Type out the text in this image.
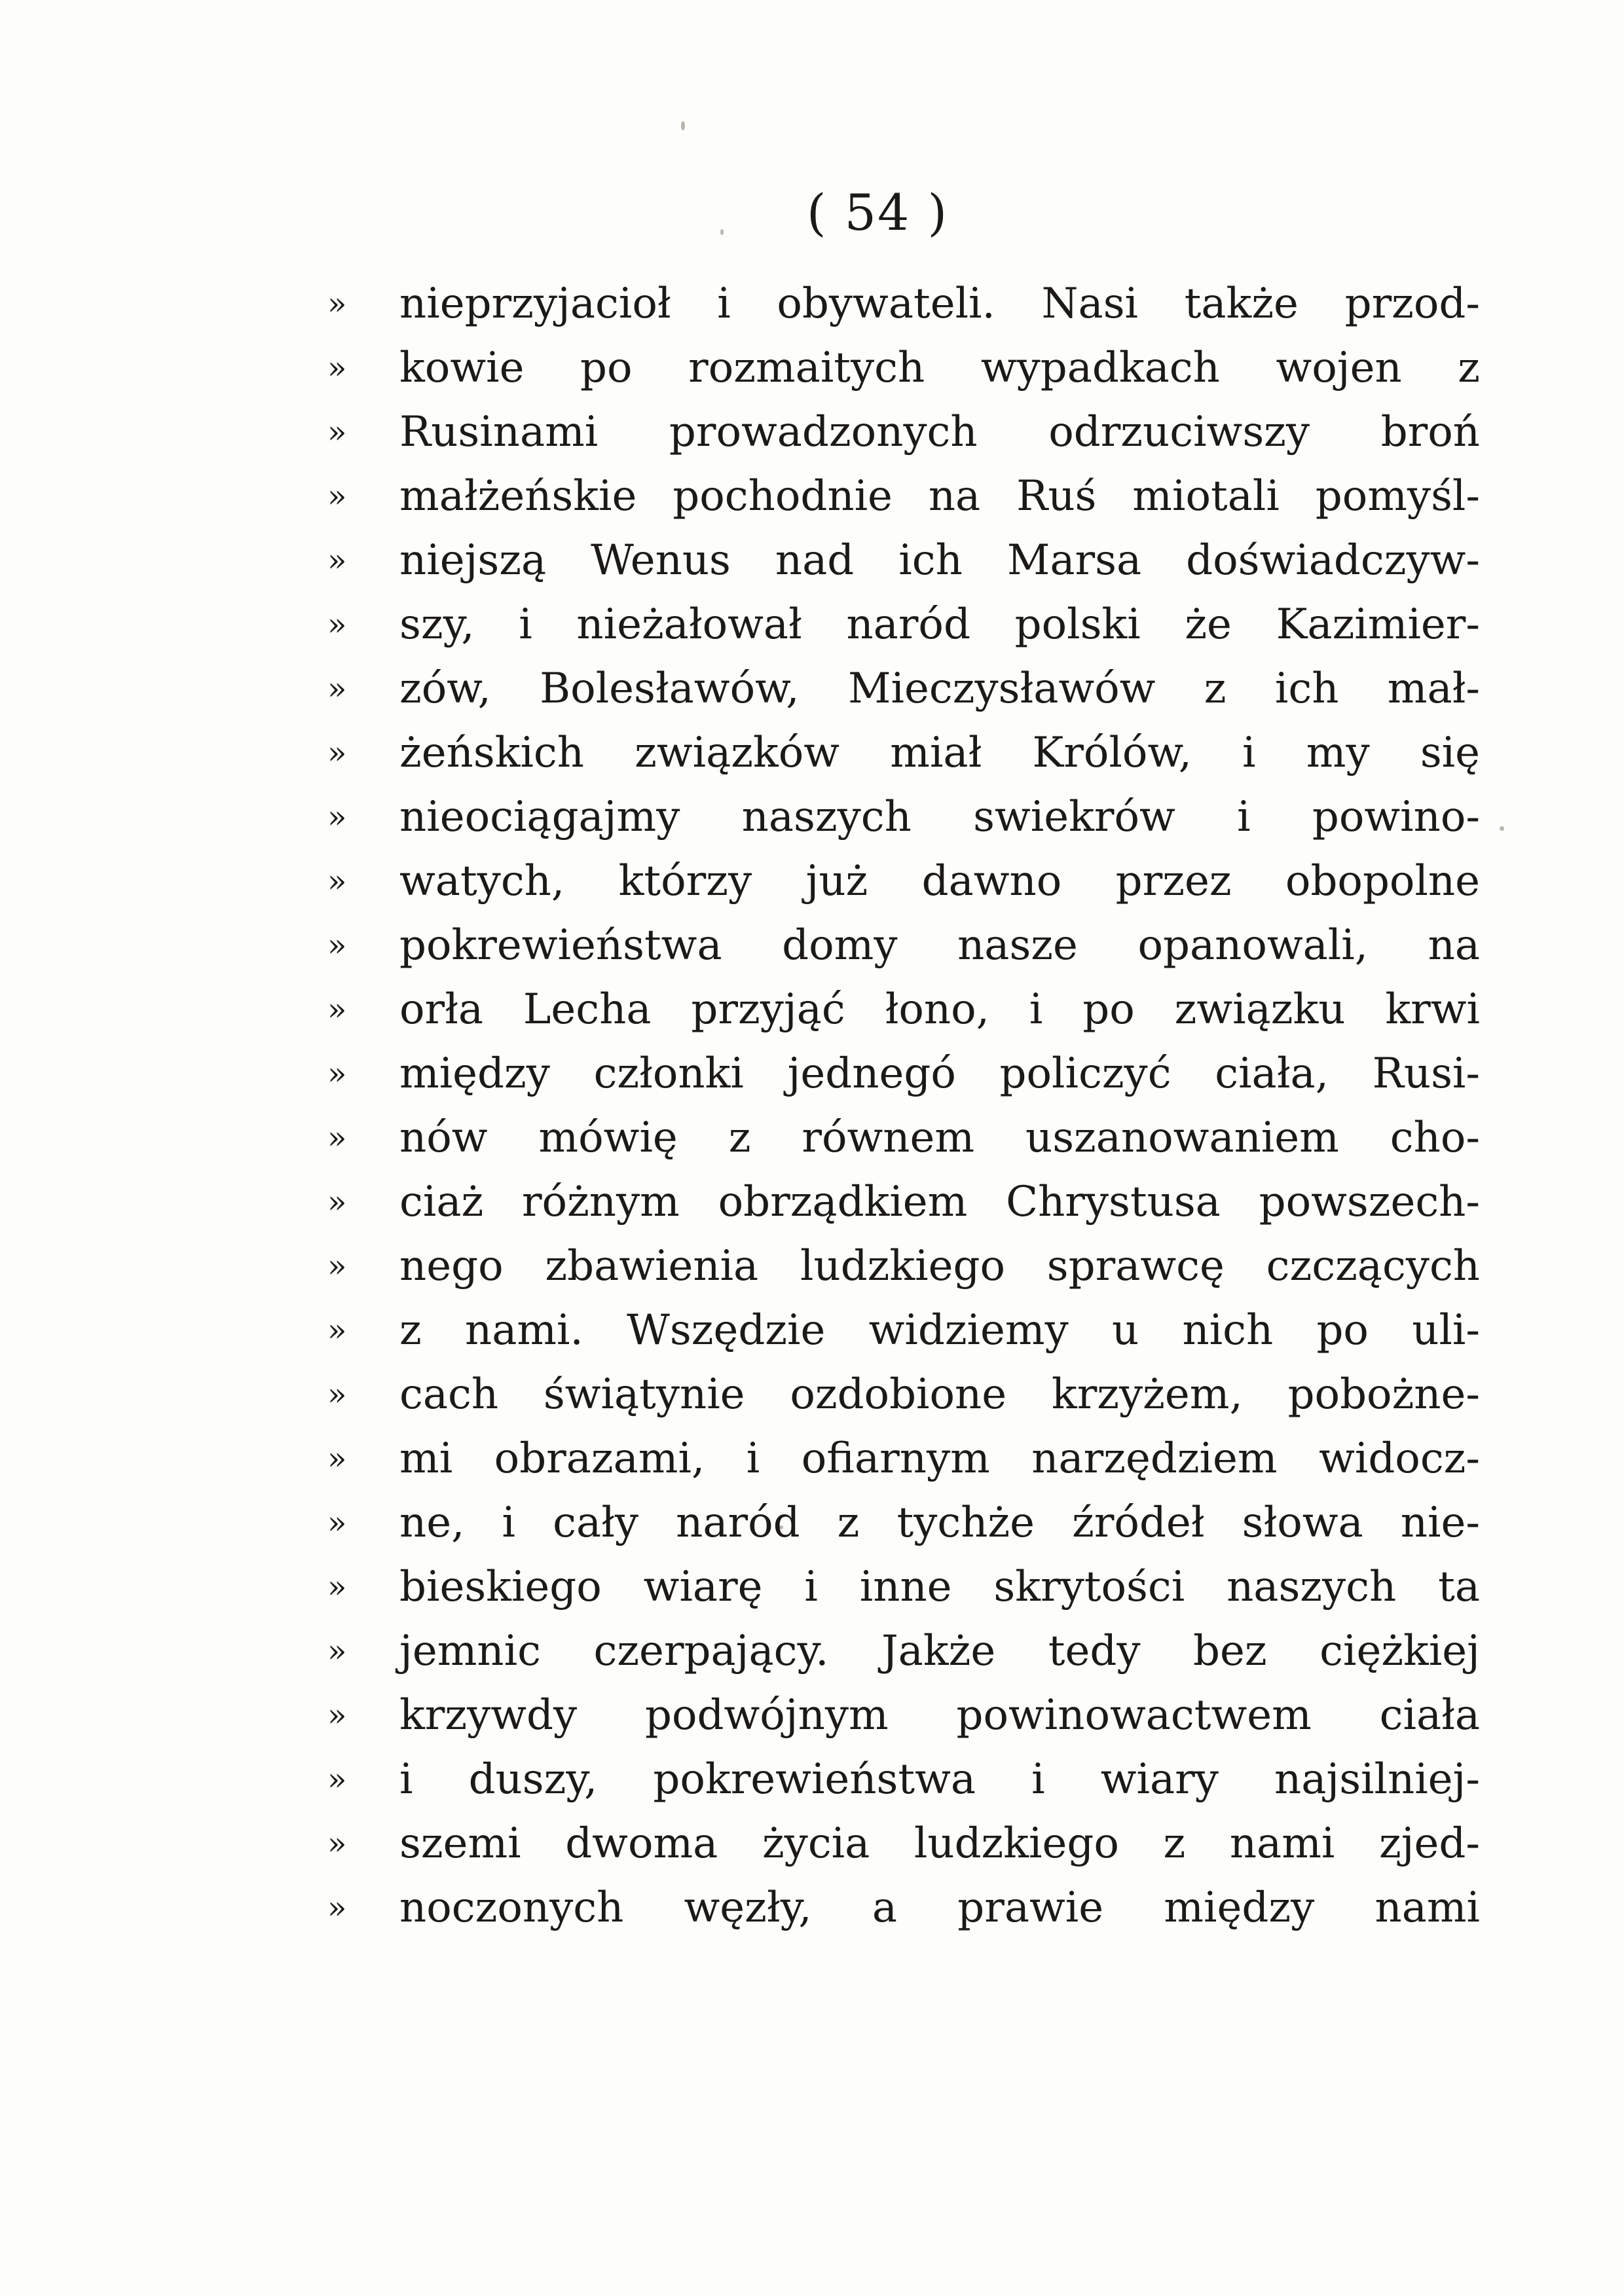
( 54 )
»	nieprzyjacioł i obywateli. Nasi także przod-
»	kowie po rozmaitych wypadkach wojen z
»	Rusinami prowadzonych odrzuciwszy broń
»	małżeńskie pochodnie na Ruś miotali pomyśl-
»	niejszą Wenus nad ich Marsa doświadczyw-
»	szy, i nieżałował naród polski że Kazimier-
»	zów, Bolesławów, Mieczysławów z ich mał-
»	żeńskich związków miał Królów, i my się
»	nieociągajmy naszych swiekrów i powino-
»	watych, którzy już dawno przez obopolne
»	pokrewieństwa domy nasze opanowali, na
»	orła Lecha przyjąć łono, i po związku krwi
»	między członki jednegó policzyć ciała, Rusi-
»	nów mówię z równem uszanowaniem cho-
»	ciaż różnym obrządkiem Chrystusa powszech-
»	nego zbawienia ludzkiego sprawcę czczących
»	z nami. Wszędzie widziemy u nich po uli-
»	cach świątynie ozdobione krzyżem, pobożne-
»	mi obrazami, i ofiarnym narzędziem widocz-
»	ne, i cały naród z tychże źródeł słowa nie-
»	bieskiego wiarę i inne skrytości naszych ta
»	jemnic czerpający. Jakże tedy bez ciężkiej
»	krzywdy podwójnym powinowactwem ciała
»	i duszy, pokrewieństwa i wiary najsilniej-
»	szemi dwoma życia ludzkiego z nami zjed-
»	noczonych węzły, a prawie między nami
